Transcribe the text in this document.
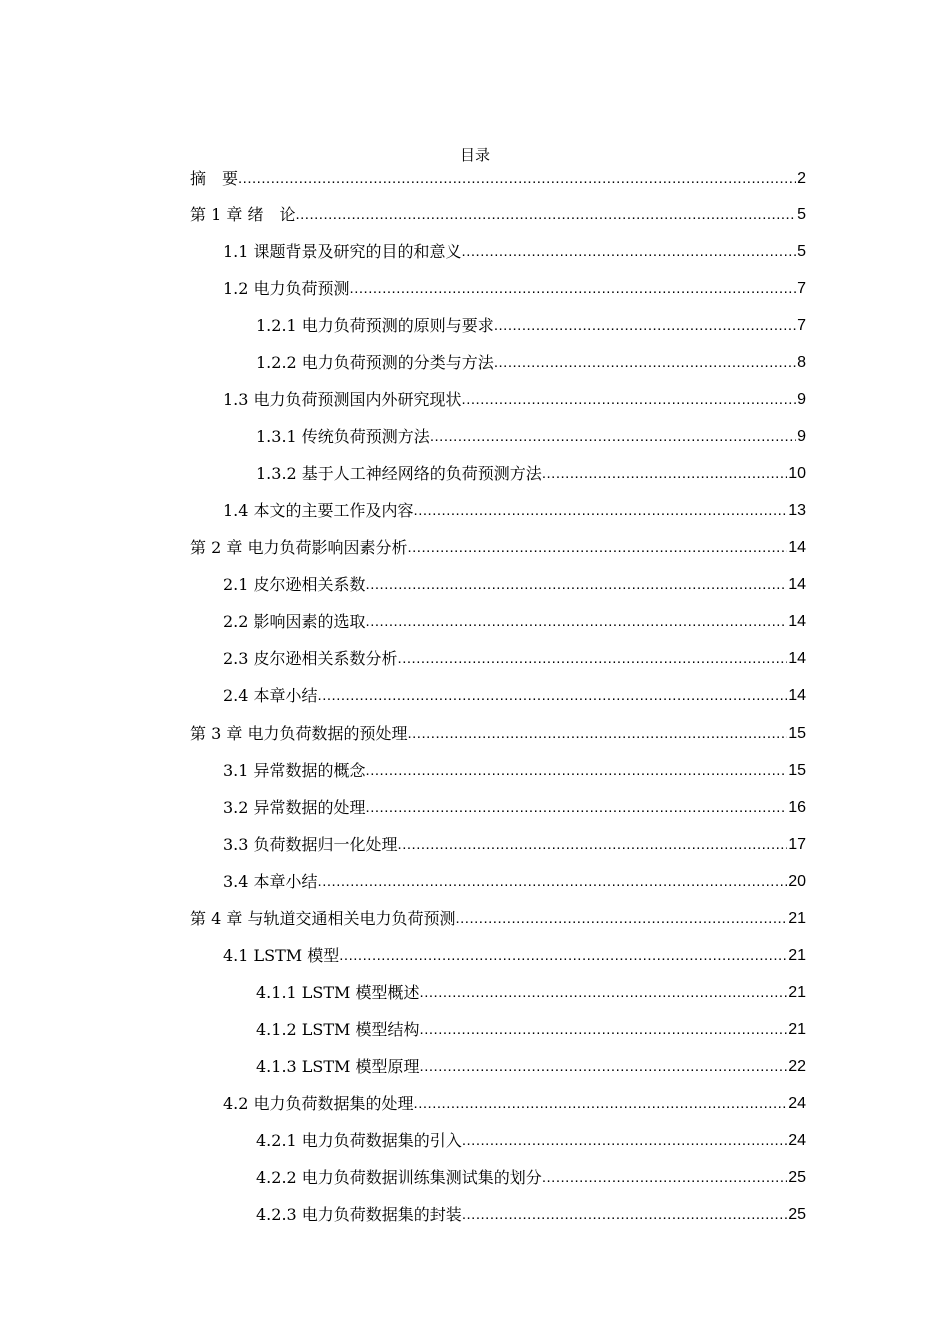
目录
摘　要 .....	2
第 1 章 绪　论 .....	5
1.1 课题背景及研究的目的和意义 .....	5
1.2 电力负荷预测 .....	7
1.2.1 电力负荷预测的原则与要求 .....	7
1.2.2 电力负荷预测的分类与方法 .....	8
1.3 电力负荷预测国内外研究现状 .....	9
1.3.1 传统负荷预测方法 .....	9
1.3.2 基于人工神经网络的负荷预测方法 .....	10
1.4 本文的主要工作及内容 .....	13
第 2 章 电力负荷影响因素分析 .....	14
2.1 皮尔逊相关系数 .....	14
2.2 影响因素的选取 .....	14
2.3 皮尔逊相关系数分析 .....	14
2.4 本章小结 .....	14
第 3 章 电力负荷数据的预处理 .....	15
3.1 异常数据的概念 .....	15
3.2 异常数据的处理 .....	16
3.3 负荷数据归一化处理 .....	17
3.4 本章小结 .....	20
第 4 章 与轨道交通相关电力负荷预测 .....	21
4.1 LSTM 模型 .....	21
4.1.1 LSTM 模型概述 .....	21
4.1.2 LSTM 模型结构 .....	21
4.1.3 LSTM 模型原理 .....	22
4.2 电力负荷数据集的处理 .....	24
4.2.1 电力负荷数据集的引入 .....	24
4.2.2 电力负荷数据训练集测试集的划分 .....	25
4.2.3 电力负荷数据集的封装 .....	25
